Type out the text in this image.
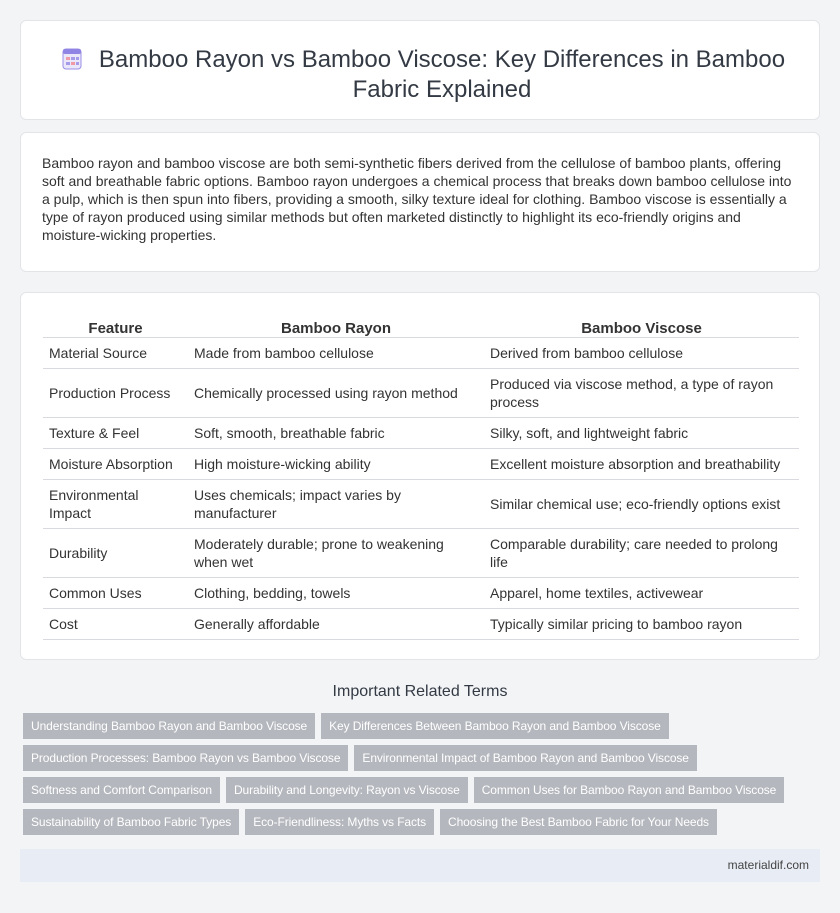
Bamboo Rayon vs Bamboo Viscose: Key Differences in Bamboo Fabric Explained

Bamboo rayon and bamboo viscose are both semi-synthetic fibers derived from the cellulose of bamboo plants, offering soft and breathable fabric options. Bamboo rayon undergoes a chemical process that breaks down bamboo cellulose into a pulp, which is then spun into fibers, providing a smooth, silky texture ideal for clothing. Bamboo viscose is essentially a type of rayon produced using similar methods but often marketed distinctly to highlight its eco-friendly origins and moisture-wicking properties.

Feature	Bamboo Rayon	Bamboo Viscose
Material Source	Made from bamboo cellulose	Derived from bamboo cellulose
Production Process	Chemically processed using rayon method	Produced via viscose method, a type of rayon process
Texture & Feel	Soft, smooth, breathable fabric	Silky, soft, and lightweight fabric
Moisture Absorption	High moisture-wicking ability	Excellent moisture absorption and breathability
Environmental Impact	Uses chemicals; impact varies by manufacturer	Similar chemical use; eco-friendly options exist
Durability	Moderately durable; prone to weakening when wet	Comparable durability; care needed to prolong life
Common Uses	Clothing, bedding, towels	Apparel, home textiles, activewear
Cost	Generally affordable	Typically similar pricing to bamboo rayon
Important Related Terms
Understanding Bamboo Rayon and Bamboo Viscose	Key Differences Between Bamboo Rayon and Bamboo Viscose
Production Processes: Bamboo Rayon vs Bamboo Viscose	Environmental Impact of Bamboo Rayon and Bamboo Viscose
Softness and Comfort Comparison	Durability and Longevity: Rayon vs Viscose	Common Uses for Bamboo Rayon and Bamboo Viscose
Sustainability of Bamboo Fabric Types	Eco-Friendliness: Myths vs Facts	Choosing the Best Bamboo Fabric for Your Needs
materialdif.com
